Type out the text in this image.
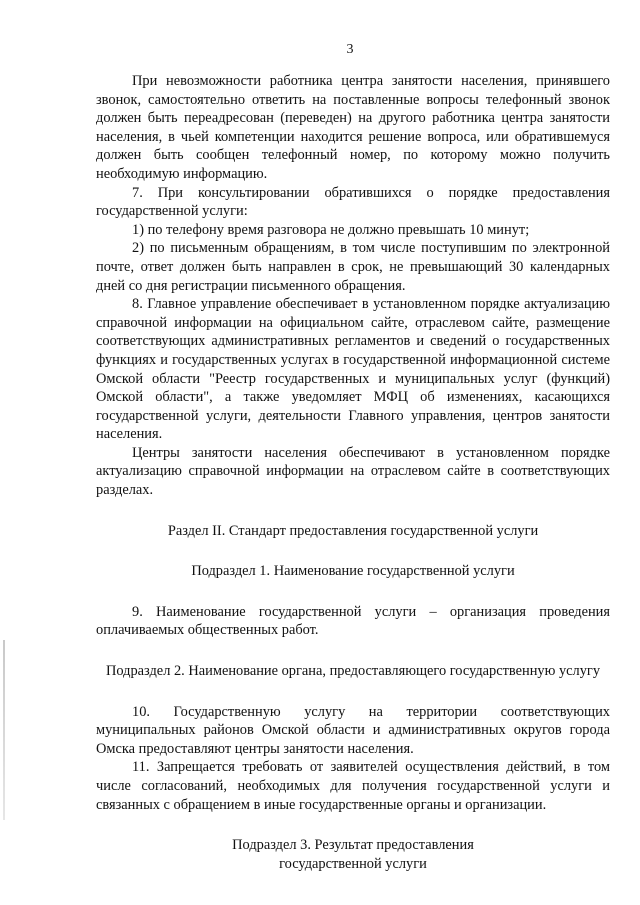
3

При невозможности работника центра занятости населения, принявшего звонок, самостоятельно ответить на поставленные вопросы телефонный звонок должен быть переадресован (переведен) на другого работника центра занятости населения, в чьей компетенции находится решение вопроса, или обратившемуся должен быть сообщен телефонный номер, по которому можно получить необходимую информацию.

7. При консультировании обратившихся о порядке предоставления государственной услуги:

1) по телефону время разговора не должно превышать 10 минут;

2) по письменным обращениям, в том числе поступившим по электронной почте, ответ должен быть направлен в срок, не превышающий 30 календарных дней со дня регистрации письменного обращения.

8. Главное управление обеспечивает в установленном порядке актуализацию справочной информации на официальном сайте, отраслевом сайте, размещение соответствующих административных регламентов и сведений о государственных функциях и государственных услугах в государственной информационной системе Омской области "Реестр государственных и муниципальных услуг (функций) Омской области", а также уведомляет МФЦ об изменениях, касающихся государственной услуги, деятельности Главного управления, центров занятости населения.

Центры занятости населения обеспечивают в установленном порядке актуализацию справочной информации на отраслевом сайте в соответствующих разделах.

Раздел II. Стандарт предоставления государственной услуги

Подраздел 1. Наименование государственной услуги

9. Наименование государственной услуги – организация проведения оплачиваемых общественных работ.

Подраздел 2. Наименование органа, предоставляющего государственную услугу

10. Государственную услугу на территории соответствующих муниципальных районов Омской области и административных округов города Омска предоставляют центры занятости населения.

11. Запрещается требовать от заявителей осуществления действий, в том числе согласований, необходимых для получения государственной услуги и связанных с обращением в иные государственные органы и организации.

Подраздел 3. Результат предоставления

государственной услуги
